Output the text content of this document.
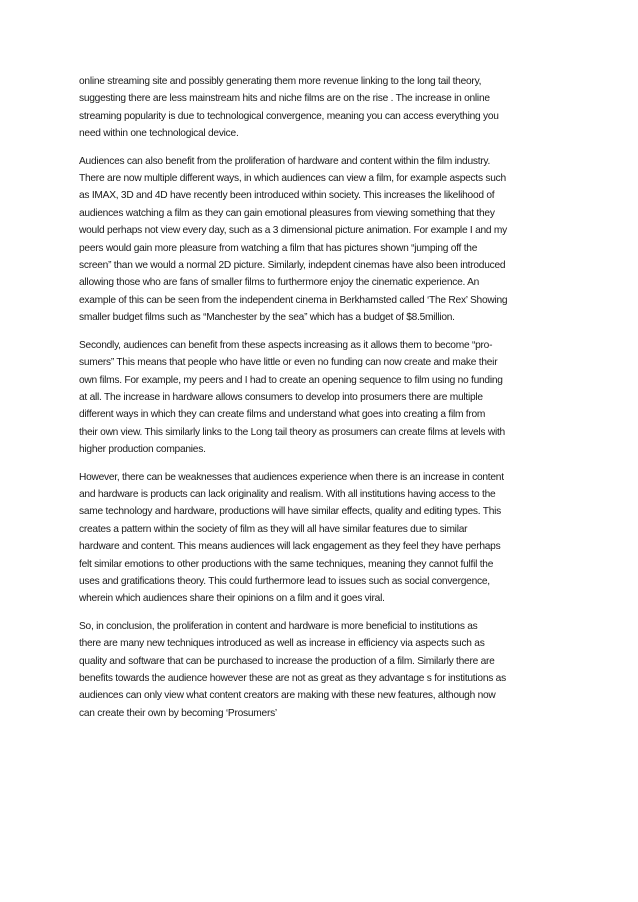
online streaming site and possibly generating them more revenue linking to the long tail theory,
suggesting there are less mainstream hits and niche films are on the rise . The increase in online
streaming popularity is due to technological convergence, meaning you can access everything you
need within one technological device.

Audiences can also benefit from the proliferation of hardware and content within the film industry.
There are now multiple different ways, in which audiences can view a film, for example aspects such
as IMAX, 3D and 4D have recently been introduced within society. This increases the likelihood of
audiences watching a film as they can gain emotional pleasures from viewing something that they
would perhaps not view every day, such as a 3 dimensional picture animation. For example I and my
peers would gain more pleasure from watching a film that has pictures shown “jumping off the
screen” than we would a normal 2D picture. Similarly, indepdent cinemas have also been introduced
allowing those who are fans of smaller films to furthermore enjoy the cinematic experience. An
example of this can be seen from the independent cinema in Berkhamsted called ‘The Rex’ Showing
smaller budget films such as “Manchester by the sea” which has a budget of $8.5million.

Secondly, audiences can benefit from these aspects increasing as it allows them to become “pro-
sumers” This means that people who have little or even no funding can now create and make their
own films. For example, my peers and I had to create an opening sequence to film using no funding
at all. The increase in hardware allows consumers to develop into prosumers there are multiple
different ways in which they can create films and understand what goes into creating a film from
their own view. This similarly links to the Long tail theory as prosumers can create films at levels with
higher production companies.

However, there can be weaknesses that audiences experience when there is an increase in content
and hardware is products can lack originality and realism. With all institutions having access to the
same technology and hardware, productions will have similar effects, quality and editing types. This
creates a pattern within the society of film as they will all have similar features due to similar
hardware and content. This means audiences will lack engagement as they feel they have perhaps
felt similar emotions to other productions with the same techniques, meaning they cannot fulfil the
uses and gratifications theory. This could furthermore lead to issues such as social convergence,
wherein which audiences share their opinions on a film and it goes viral.

So, in conclusion, the proliferation in content and hardware is more beneficial to institutions as
there are many new techniques introduced as well as increase in efficiency via aspects such as
quality and software that can be purchased to increase the production of a film. Similarly there are
benefits towards the audience however these are not as great as they advantage s for institutions as
audiences can only view what content creators are making with these new features, although now
can create their own by becoming ‘Prosumers’
